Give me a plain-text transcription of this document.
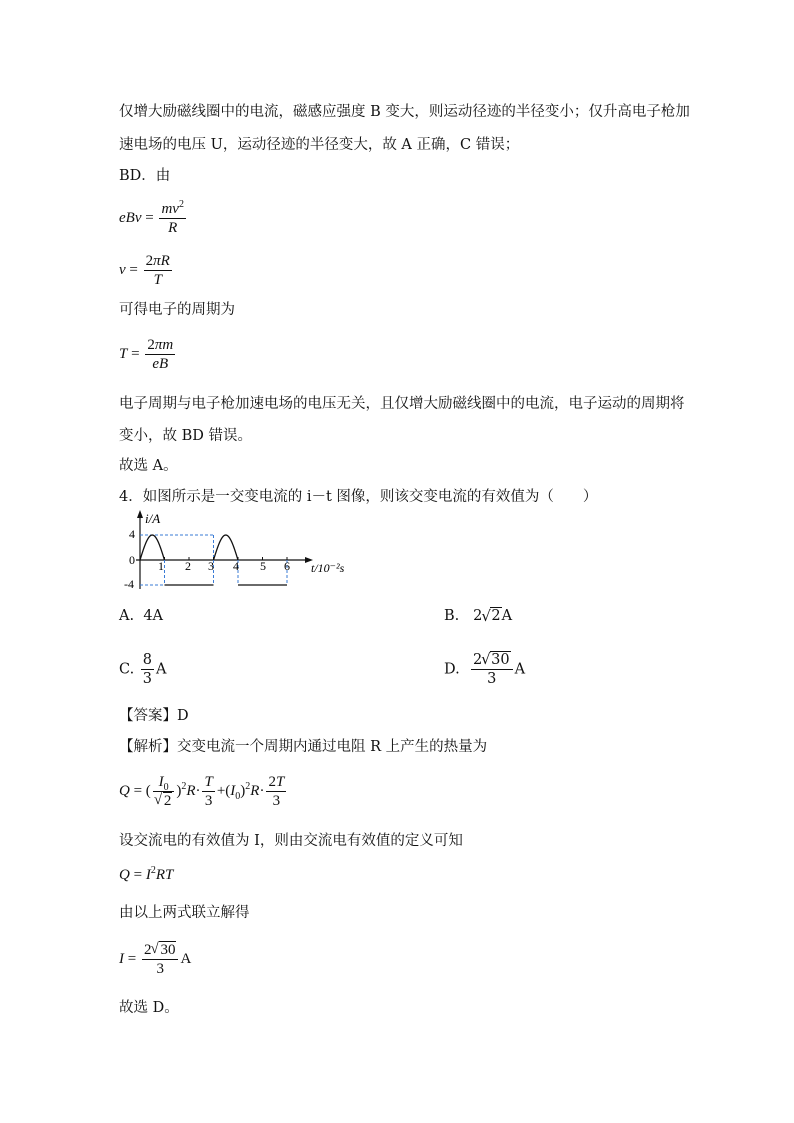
仅增大励磁线圈中的电流，磁感应强度 B 变大，则运动径迹的半径变小；仅升高电子枪加
速电场的电压 U，运动径迹的半径变大，故 A 正确，C 错误；
BD．由
eBv = $\frac{mv^2}{R}$
$v = \frac{2\pi R}{T}$
可得电子的周期为
$T = \frac{2\pi m}{eB}$
电子周期与电子枪加速电场的电压无关，且仅增大励磁线圈中的电流，电子运动的周期将
变小，故 BD 错误。
故选 A。
4．如图所示是一交变电流的 i－t 图像，则该交变电流的有效值为（　　）
i/A
t/10⁻²s
4
0
-4
1 2 3 4 5 6
A. 4A	B. 2 √ 2A
C. $\frac{8}{3}$ A	D. $\frac{2 √ 30}{3}$ A
【答案】D
【解析】交变电流一个周期内通过电阻 R 上产生的热量为
Q = ( $I_0$
√ 2 )$^2R\cdot \frac{T}{3} +(I_0)^2R\cdot \frac{2T}{3}$
设交流电的有效值为 I，则由交流电有效值的定义可知
$Q = I^2RT$
由以上两式联立解得
$I = \frac{2 √ 30}{3}$ A
故选 D。
